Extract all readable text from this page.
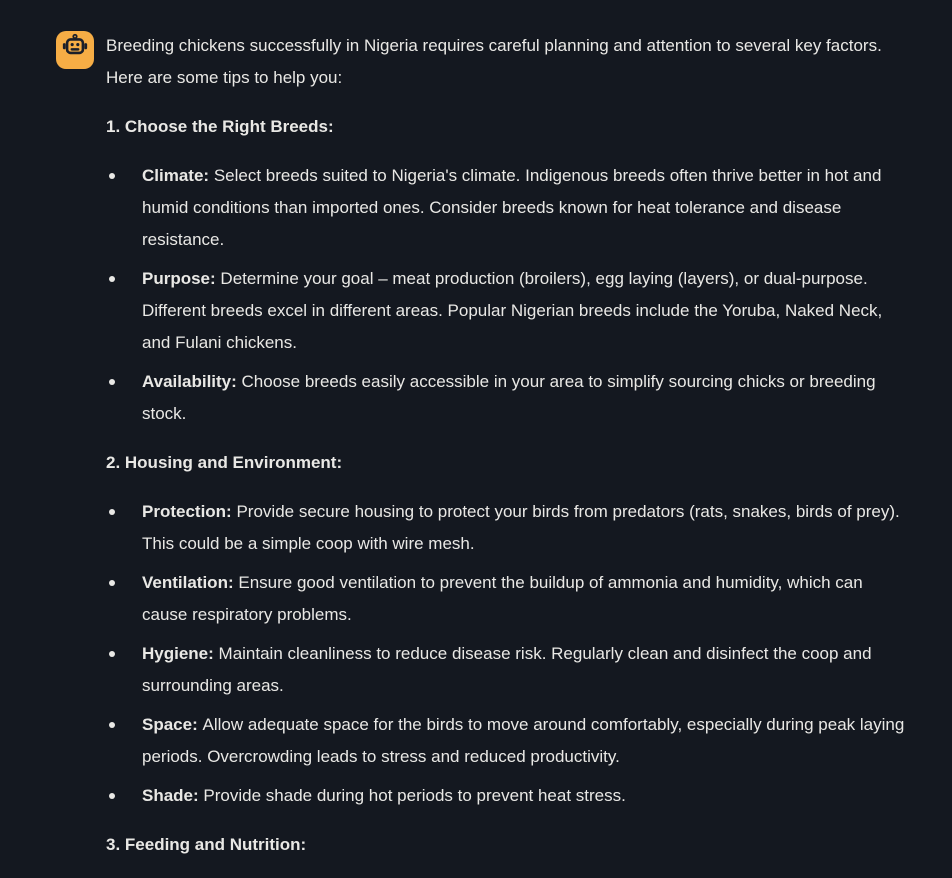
Breeding chickens successfully in Nigeria requires careful planning and attention to several key factors. Here are some tips to help you:

1. Choose the Right Breeds:

Climate: Select breeds suited to Nigeria's climate. Indigenous breeds often thrive better in hot and humid conditions than imported ones. Consider breeds known for heat tolerance and disease resistance.
Purpose: Determine your goal – meat production (broilers), egg laying (layers), or dual-purpose. Different breeds excel in different areas. Popular Nigerian breeds include the Yoruba, Naked Neck, and Fulani chickens.
Availability: Choose breeds easily accessible in your area to simplify sourcing chicks or breeding stock.

2. Housing and Environment:

Protection: Provide secure housing to protect your birds from predators (rats, snakes, birds of prey). This could be a simple coop with wire mesh.
Ventilation: Ensure good ventilation to prevent the buildup of ammonia and humidity, which can cause respiratory problems.
Hygiene: Maintain cleanliness to reduce disease risk. Regularly clean and disinfect the coop and surrounding areas.
Space: Allow adequate space for the birds to move around comfortably, especially during peak laying periods. Overcrowding leads to stress and reduced productivity.
Shade: Provide shade during hot periods to prevent heat stress.

3. Feeding and Nutrition:
